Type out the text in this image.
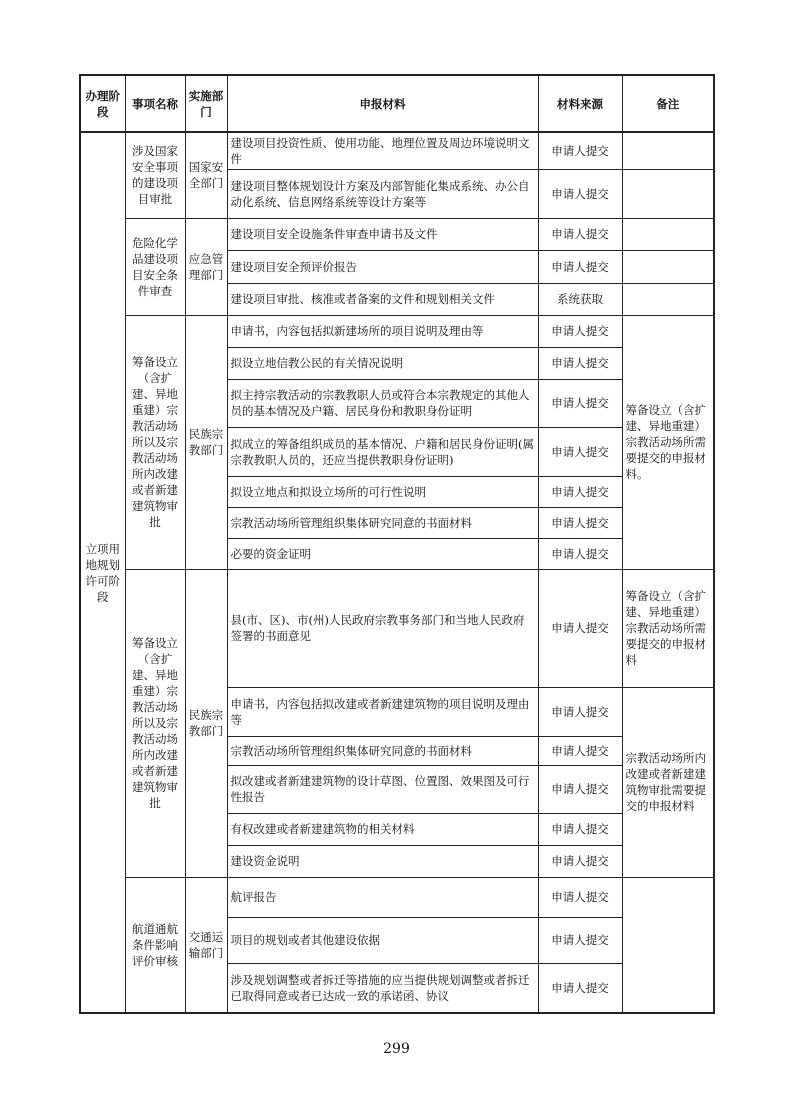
办理阶段	事项名称	实施部门	申报材料	材料来源	备注
立项用地规划许可阶段	涉及国家安全事项的建设项目审批	国家安全部门	建设项目投资性质、使用功能、地理位置及周边环境说明文件	申请人提交	
			建设项目整体规划设计方案及内部智能化集成系统、办公自动化系统、信息网络系统等设计方案等	申请人提交	
	危险化学品建设项目安全条件审查	应急管理部门	建设项目安全设施条件审查申请书及文件	申请人提交	
			建设项目安全预评价报告	申请人提交	
			建设项目审批、核准或者备案的文件和规划相关文件	系统获取	
	筹备设立（含扩建、异地重建）宗教活动场所以及宗教活动场所内改建或者新建建筑物审批	民族宗教部门	申请书，内容包括拟新建场所的项目说明及理由等	申请人提交	筹备设立（含扩建、异地重建）宗教活动场所需要提交的申报材料。
			拟设立地信教公民的有关情况说明	申请人提交	
			拟主持宗教活动的宗教教职人员或符合本宗教规定的其他人员的基本情况及户籍、居民身份和教职身份证明	申请人提交	
			拟成立的筹备组织成员的基本情况、户籍和居民身份证明(属宗教教职人员的，还应当提供教职身份证明)	申请人提交	
			拟设立地点和拟设立场所的可行性说明	申请人提交	
			宗教活动场所管理组织集体研究同意的书面材料	申请人提交	
			必要的资金证明	申请人提交	
	筹备设立（含扩建、异地重建）宗教活动场所以及宗教活动场所内改建或者新建建筑物审批	民族宗教部门	县(市、区)、市(州)人民政府宗教事务部门和当地人民政府签署的书面意见	申请人提交	筹备设立（含扩建、异地重建）宗教活动场所需要提交的申报材料
			申请书，内容包括拟改建或者新建建筑物的项目说明及理由等	申请人提交	宗教活动场所内改建或者新建建筑物审批需要提交的申报材料
			宗教活动场所管理组织集体研究同意的书面材料	申请人提交	
			拟改建或者新建建筑物的设计草图、位置图、效果图及可行性报告	申请人提交	
			有权改建或者新建建筑物的相关材料	申请人提交	
			建设资金说明	申请人提交	
	航道通航条件影响评价审核	交通运输部门	航评报告	申请人提交	
			项目的规划或者其他建设依据	申请人提交	
			涉及规划调整或者拆迁等措施的应当提供规划调整或者拆迁已取得同意或者已达成一致的承诺函、协议	申请人提交	
299
